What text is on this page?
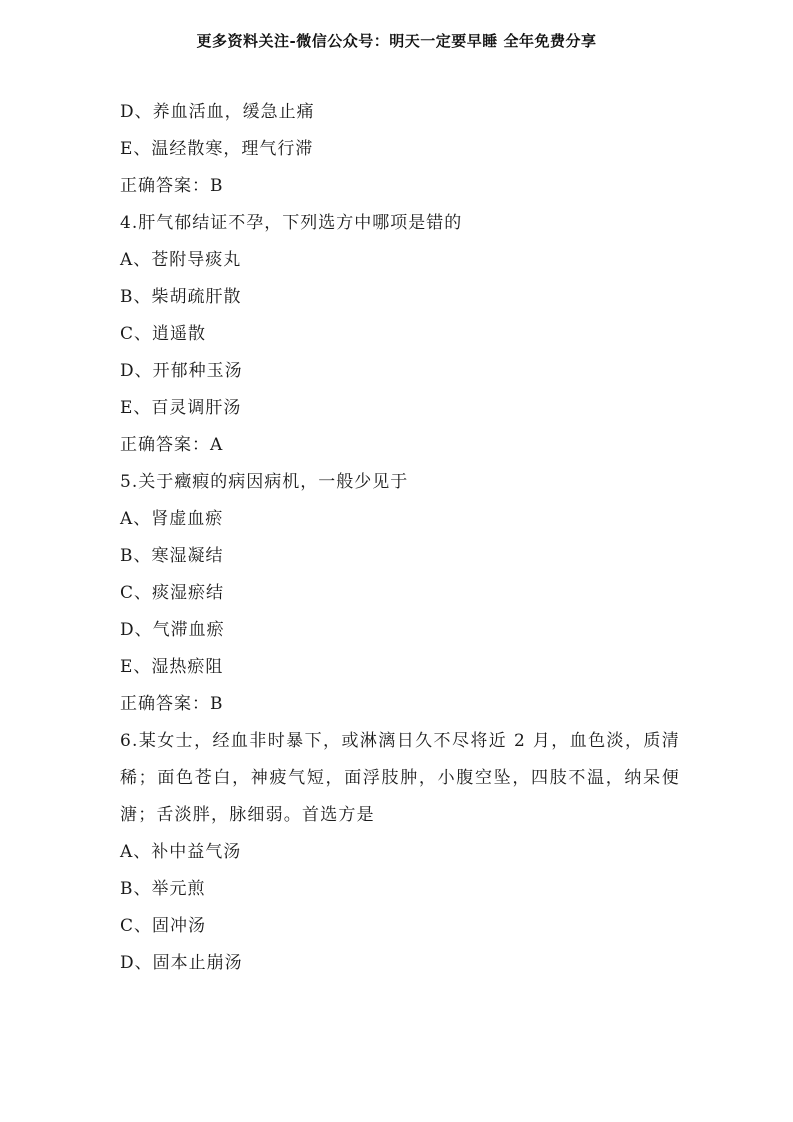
更多资料关注-微信公众号：明天一定要早睡 全年免费分享
D、养血活血，缓急止痛
E、温经散寒，理气行滞
正确答案：B
4.肝气郁结证不孕，下列选方中哪项是错的
A、苍附导痰丸
B、柴胡疏肝散
C、逍遥散
D、开郁种玉汤
E、百灵调肝汤
正确答案：A
5.关于癥瘕的病因病机，一般少见于
A、肾虚血瘀
B、寒湿凝结
C、痰湿瘀结
D、气滞血瘀
E、湿热瘀阻
正确答案：B
6.某女士，经血非时暴下，或淋漓日久不尽将近 2 月，血色淡，质清稀；面色苍白，神疲气短，面浮肢肿，小腹空坠，四肢不温，纳呆便溏；舌淡胖，脉细弱。首选方是
A、补中益气汤
B、举元煎
C、固冲汤
D、固本止崩汤
